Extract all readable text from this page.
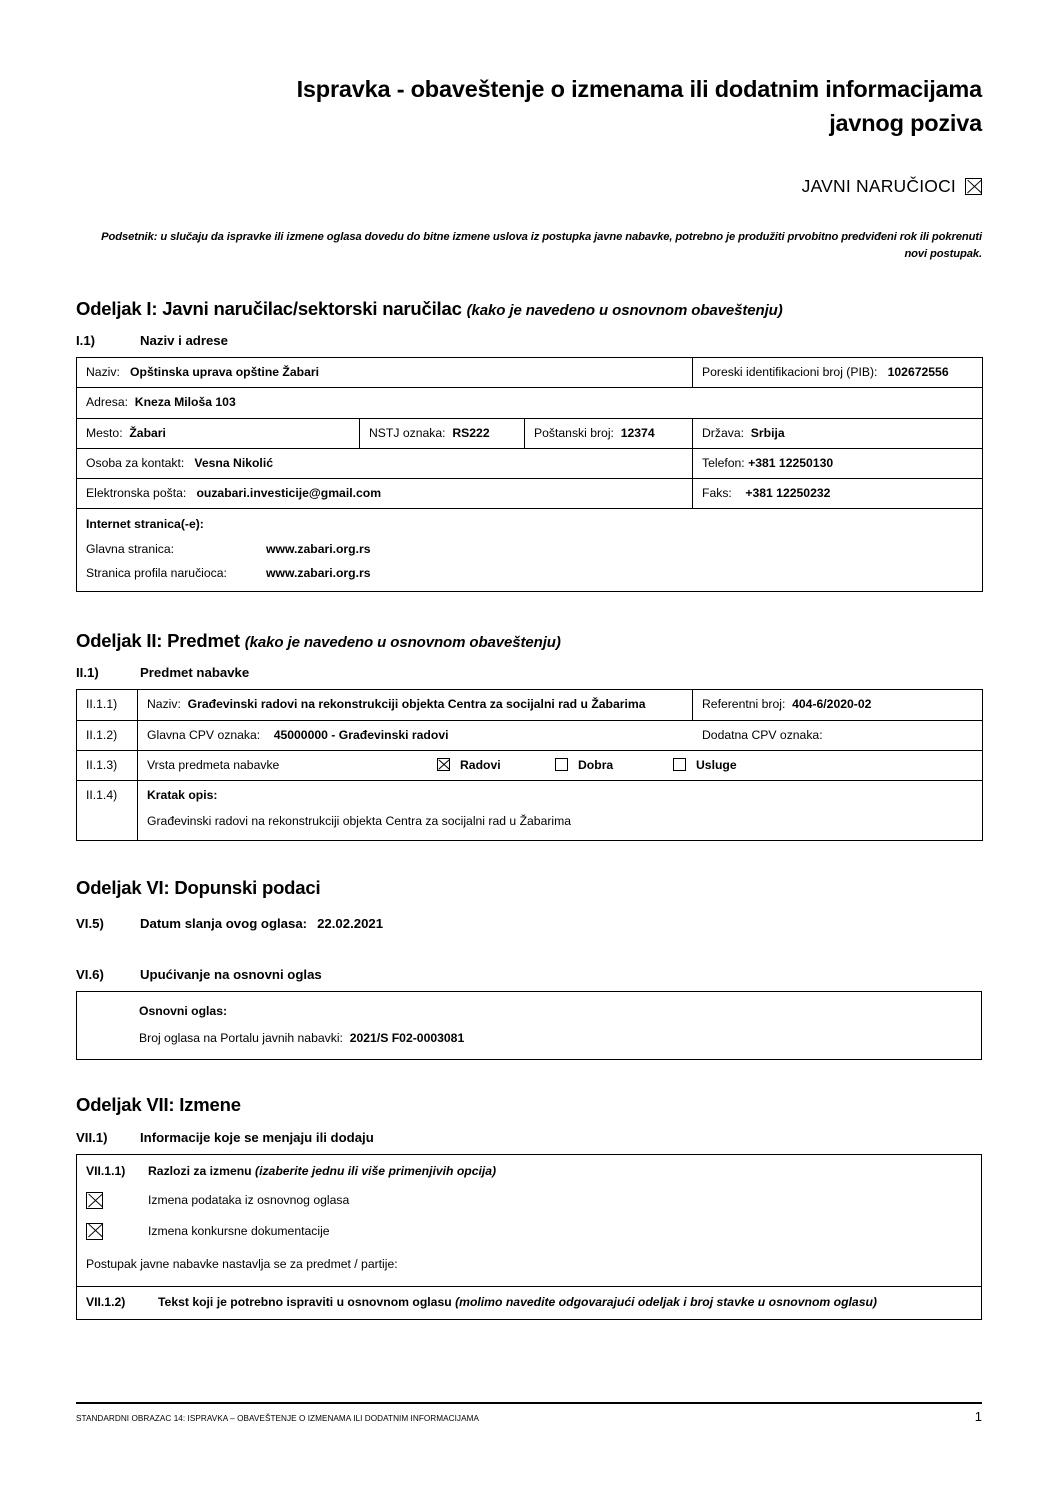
Ispravka - obaveštenje o izmenama ili dodatnim informacijama
javnog poziva
JAVNI NARUČIOCI
Podsetnik: u slučaju da ispravke ili izmene oglasa dovedu do bitne izmene uslova iz postupka javne nabavke, potrebno je produžiti prvobitno predviđeni rok ili pokrenuti novi postupak.
Odeljak I: Javni naručilac/sektorski naručilac (kako je navedeno u osnovnom obaveštenju)
I.1)	Naziv i adrese
Naziv: Opštinska uprava opštine Žabari			Poreski identifikacioni broj (PIB): 102672556
Adresa: Kneza Miloša 103			
Mesto: Žabari	NSTJ oznaka: RS222	Poštanski broj: 12374	Država: Srbija
Osoba za kontakt: Vesna Nikolić			Telefon: +381 12250130
Elektronska pošta: ouzabari.investicije@gmail.com			Faks: +381 12250232

Internet stranica(-e):
Glavna stranica: www.zabari.org.rs
Stranica profila naručioca: www.zabari.org.rs			
Odeljak II: Predmet (kako je navedeno u osnovnom obaveštenju)
II.1)	Predmet nabavke
II.1.1)	Naziv: Građevinski radovi na rekonstrukciji objekta Centra za socijalni rad u Žabarima	Referentni broj: 404-6/2020-02
II.1.2)	Glavna CPV oznaka: 45000000 - Građevinski radovi Dodatna CPV oznaka:	

II.1.3)	Vrsta predmeta nabavke Radovi Dobra Usluge	

II.1.4)	Kratak opis:
Građevinski radovi na rekonstrukciji objekta Centra za socijalni rad u Žabarima	
Odeljak VI: Dopunski podaci
VI.5)	Datum slanja ovog oglasa: 22.02.2021
VI.6)	Upućivanje na osnovni oglas
Osnovni oglas:
Broj oglasa na Portalu javnih nabavki: 2021/S F02-0003081
Odeljak VII: Izmene
VII.1)	Informacije koje se menjaju ili dodaju
VII.1.1)	Razlozi za izmenu (izaberite jednu ili više primenjivih opcija)
Izmena podataka iz osnovnog oglasa
Izmena konkursne dokumentacije
Postupak javne nabavke nastavlja se za predmet / partije:
VII.1.2)	Tekst koji je potrebno ispraviti u osnovnom oglasu (molimo navedite odgovarajući odeljak i broj stavke u osnovnom oglasu)
STANDARDNI OBRAZAC 14: ISPRAVKA – OBAVEŠTENJE O IZMENAMA ILI DODATNIM INFORMACIJAMA	1
